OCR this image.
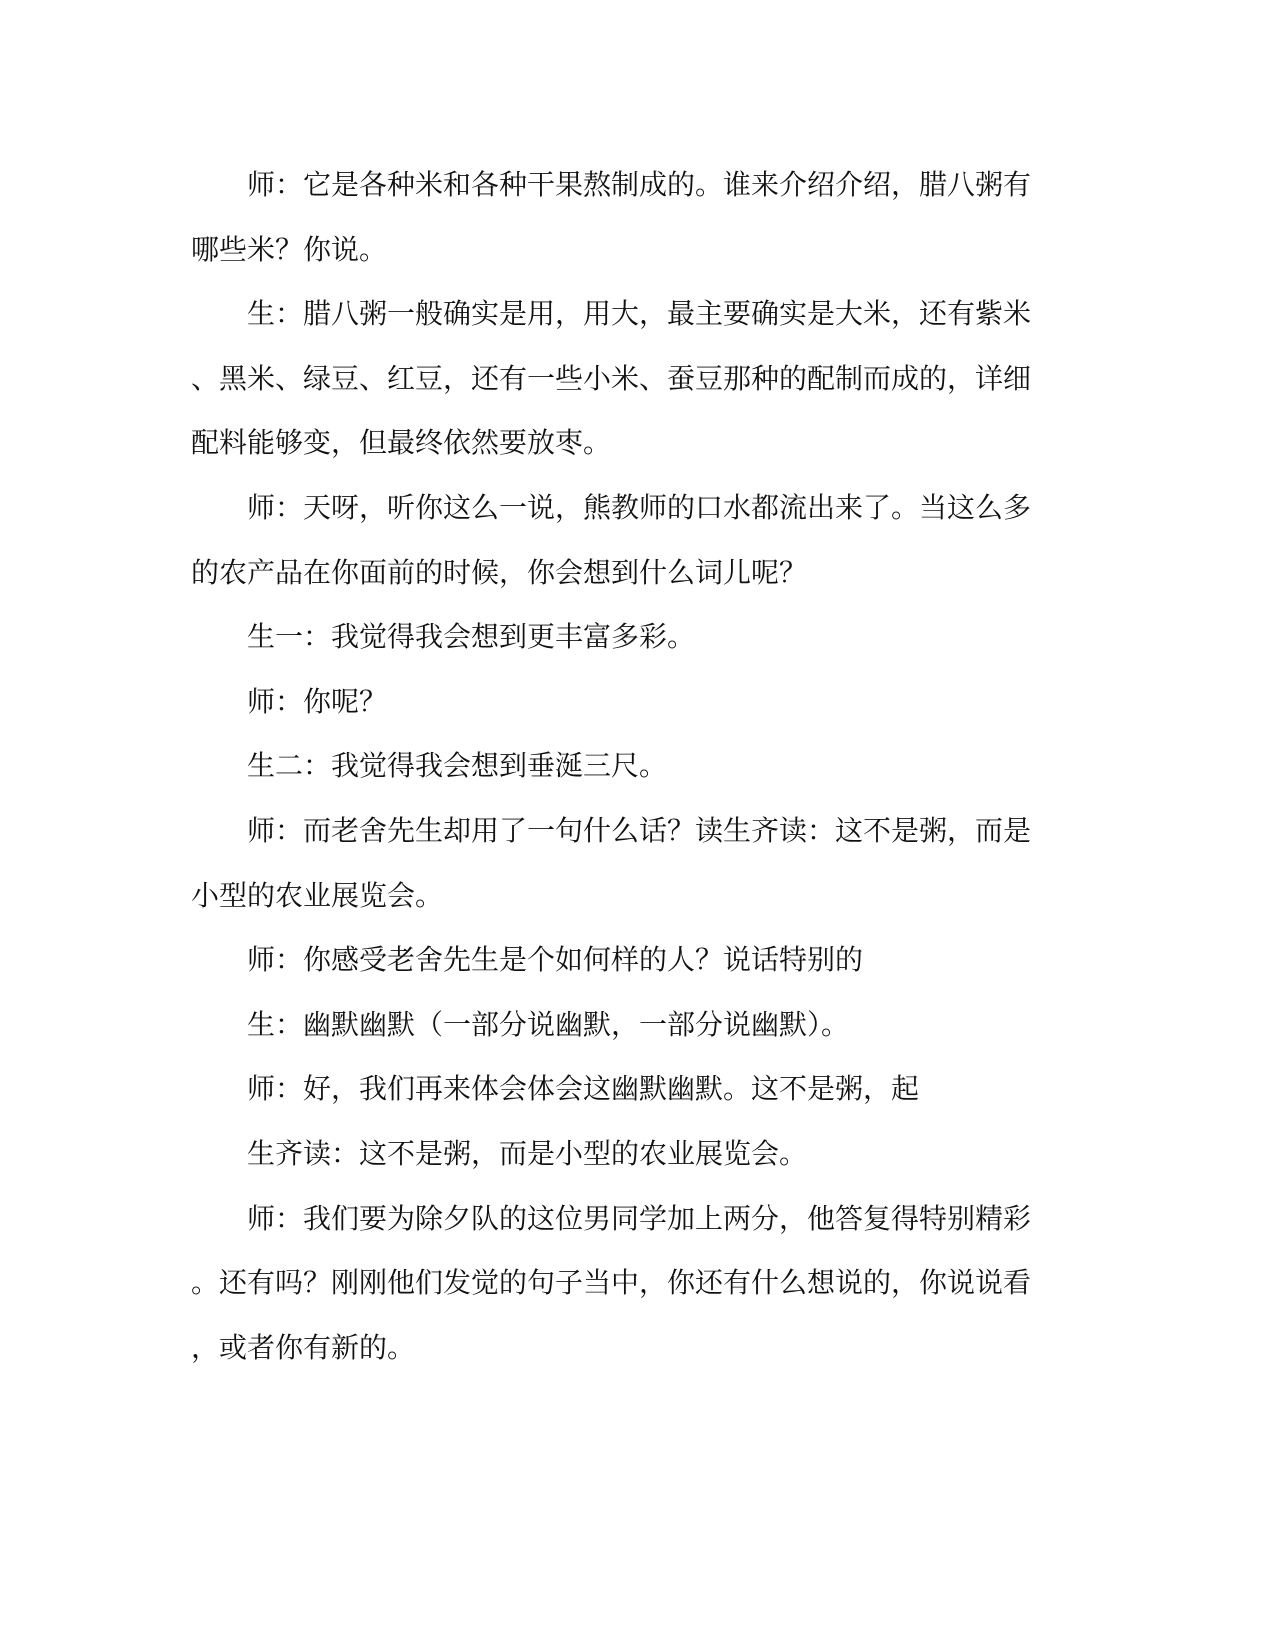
师：它是各种米和各种干果熬制成的。谁来介绍介绍，腊八粥有
哪些米？你说。

生：腊八粥一般确实是用，用大，最主要确实是大米，还有紫米
、黑米、绿豆、红豆，还有一些小米、蚕豆那种的配制而成的，详细
配料能够变，但最终依然要放枣。

师：天呀，听你这么一说，熊教师的口水都流出来了。当这么多
的农产品在你面前的时候，你会想到什么词儿呢？

生一：我觉得我会想到更丰富多彩。

师：你呢？

生二：我觉得我会想到垂涎三尺。

师：而老舍先生却用了一句什么话？读生齐读：这不是粥，而是
小型的农业展览会。

师：你感受老舍先生是个如何样的人？说话特别的

生：幽默幽默（一部分说幽默，一部分说幽默）。

师：好，我们再来体会体会这幽默幽默。这不是粥，起

生齐读：这不是粥，而是小型的农业展览会。

师：我们要为除夕队的这位男同学加上两分，他答复得特别精彩
。还有吗？刚刚他们发觉的句子当中，你还有什么想说的，你说说看
，或者你有新的。
